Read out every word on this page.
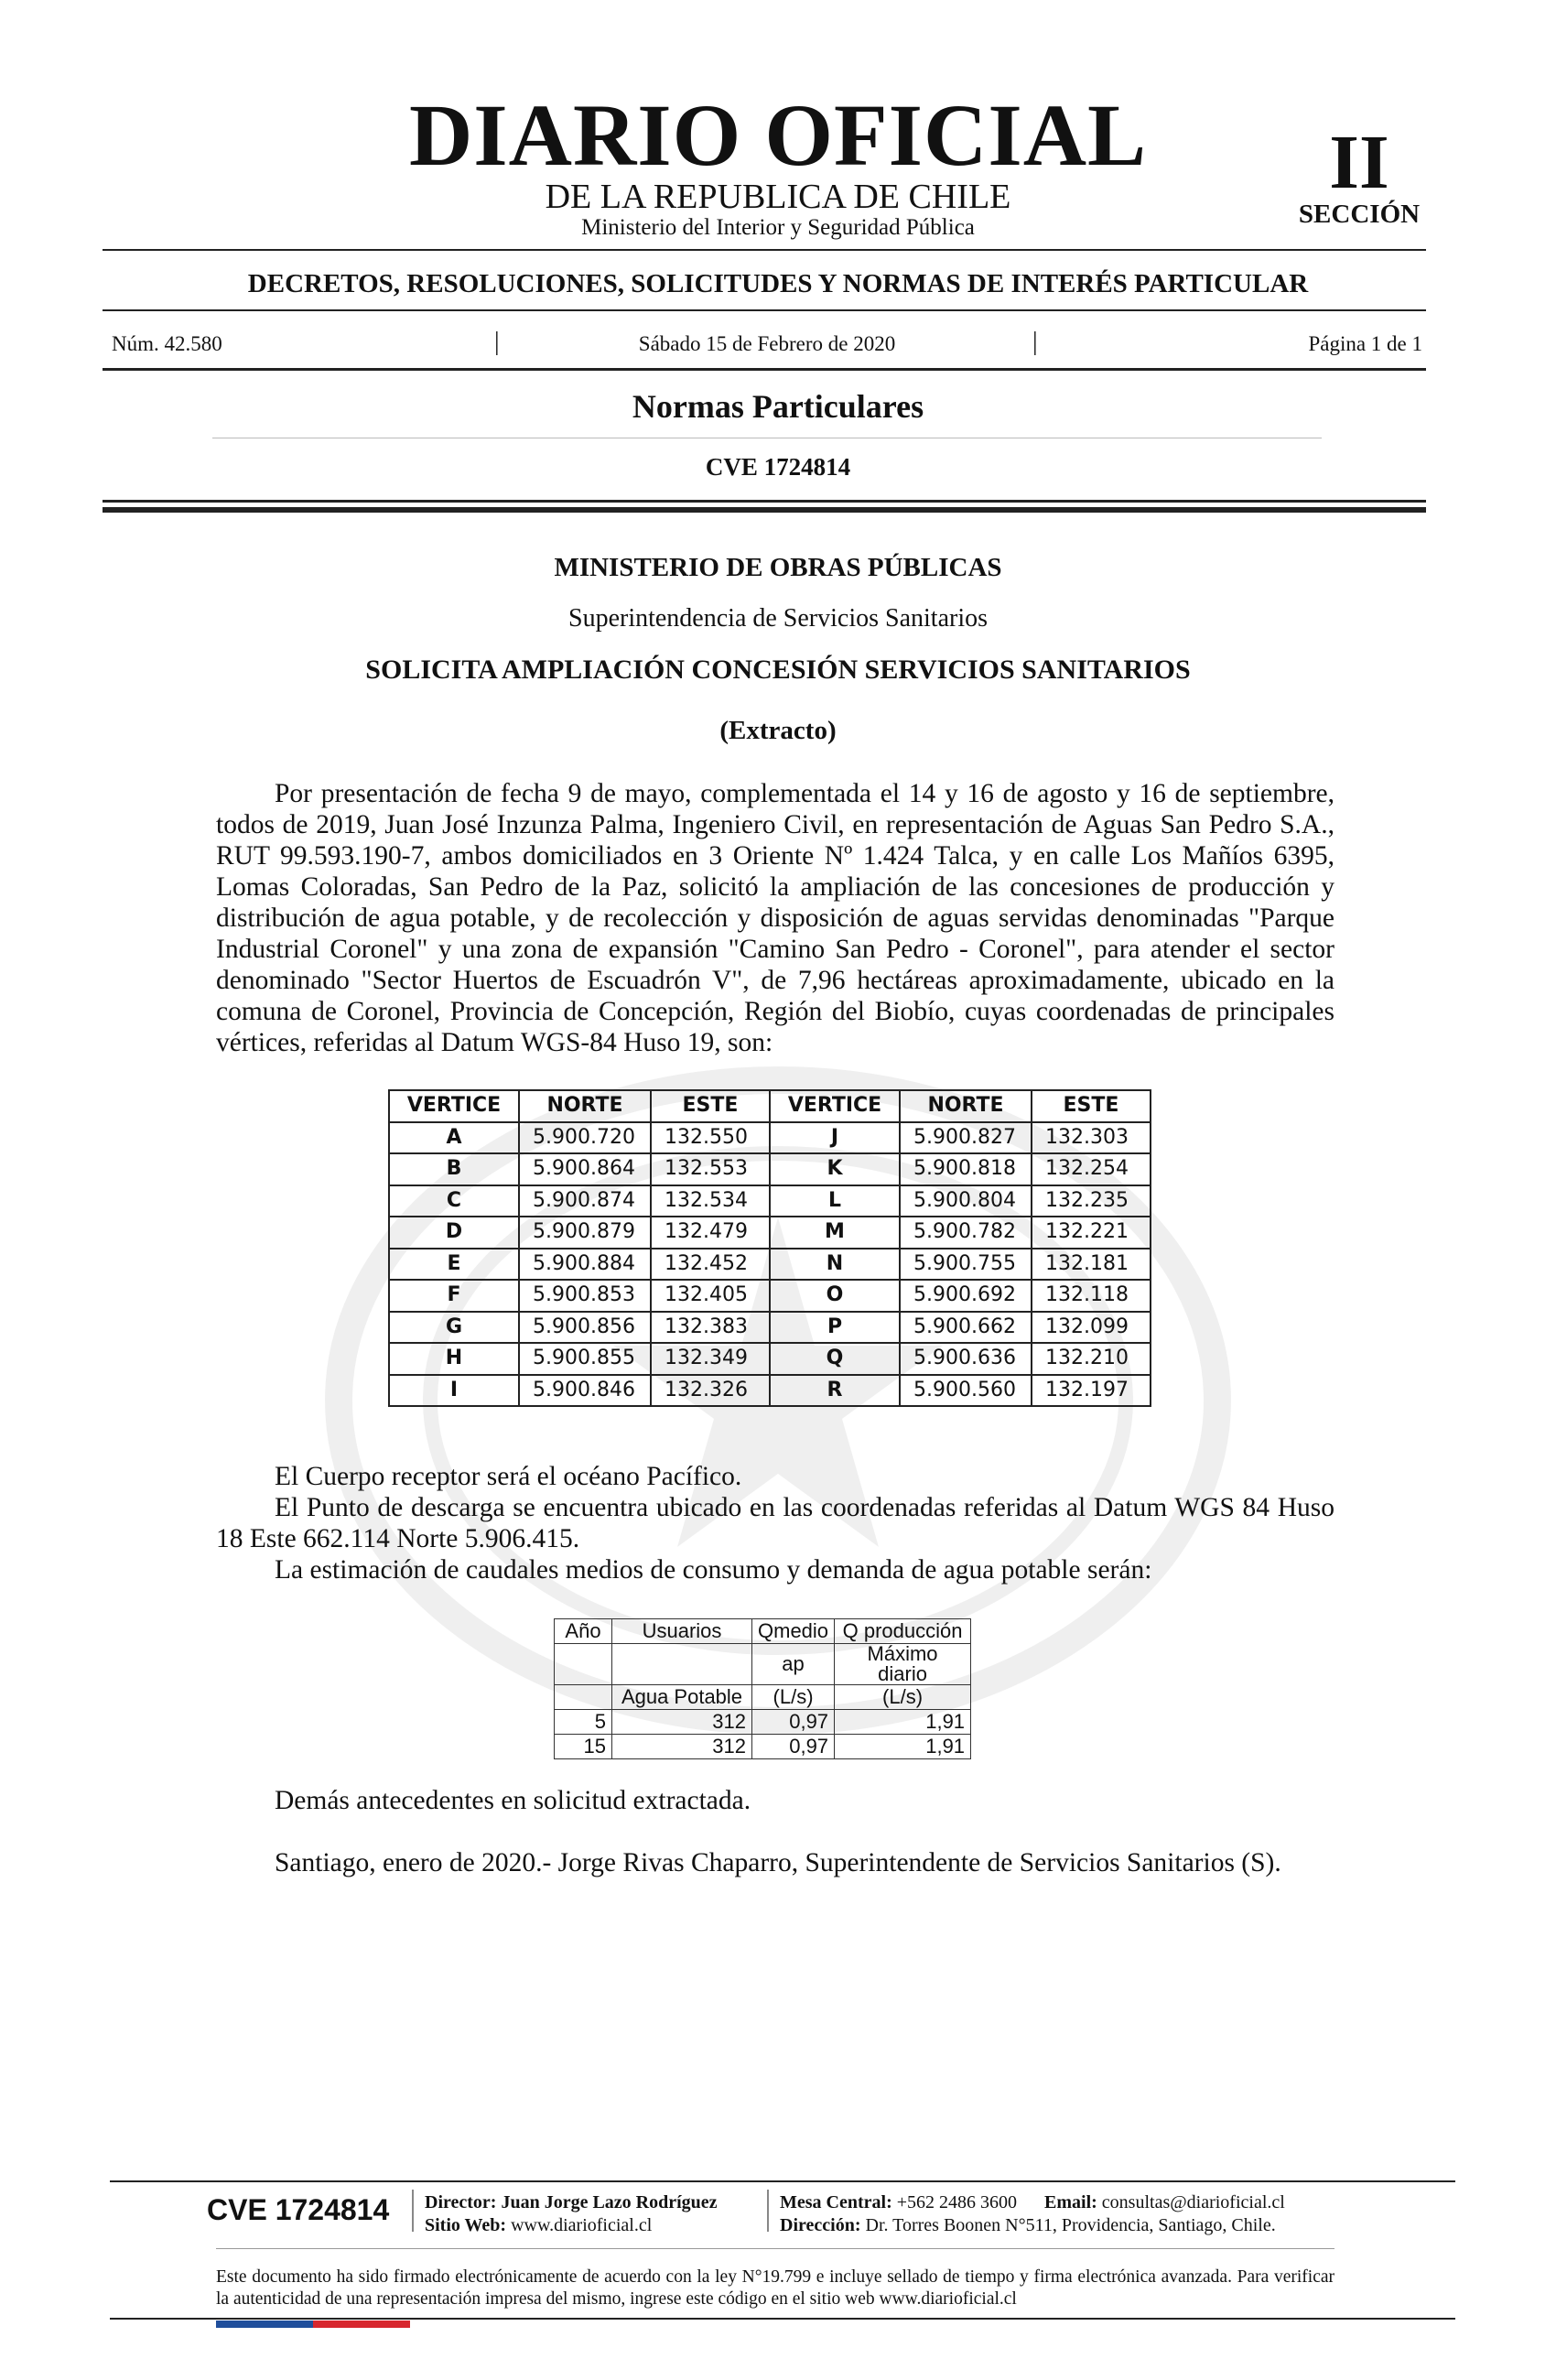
DIARIO OFICIAL
DE LA REPUBLICA DE CHILE
Ministerio del Interior y Seguridad Pública
II
SECCIÓN
DECRETOS, RESOLUCIONES, SOLICITUDES Y NORMAS DE INTERÉS PARTICULAR
Núm. 42.580	|	Sábado 15 de Febrero de 2020	|	Página 1 de 1
Normas Particulares
CVE 1724814
MINISTERIO DE OBRAS PÚBLICAS
Superintendencia de Servicios Sanitarios
SOLICITA AMPLIACIÓN CONCESIÓN SERVICIOS SANITARIOS
(Extracto)
Por presentación de fecha 9 de mayo, complementada el 14 y 16 de agosto y 16 de septiembre, todos de 2019, Juan José Inzunza Palma, Ingeniero Civil, en representación de Aguas San Pedro S.A., RUT 99.593.190-7, ambos domiciliados en 3 Oriente Nº 1.424 Talca, y en calle Los Mañíos 6395, Lomas Coloradas, San Pedro de la Paz, solicitó la ampliación de las concesiones de producción y distribución de agua potable, y de recolección y disposición de aguas servidas denominadas "Parque Industrial Coronel" y una zona de expansión "Camino San Pedro - Coronel", para atender el sector denominado "Sector Huertos de Escuadrón V", de 7,96 hectáreas aproximadamente, ubicado en la comuna de Coronel, Provincia de Concepción, Región del Biobío, cuyas coordenadas de principales vértices, referidas al Datum WGS-84 Huso 19, son:
VERTICE	NORTE	ESTE	VERTICE	NORTE	ESTE
A	5.900.720	132.550	J	5.900.827	132.303
B	5.900.864	132.553	K	5.900.818	132.254
C	5.900.874	132.534	L	5.900.804	132.235
D	5.900.879	132.479	M	5.900.782	132.221
E	5.900.884	132.452	N	5.900.755	132.181
F	5.900.853	132.405	O	5.900.692	132.118
G	5.900.856	132.383	P	5.900.662	132.099
H	5.900.855	132.349	Q	5.900.636	132.210
I	5.900.846	132.326	R	5.900.560	132.197
El Cuerpo receptor será el océano Pacífico.
El Punto de descarga se encuentra ubicado en las coordenadas referidas al Datum WGS 84 Huso 18 Este 662.114 Norte 5.906.415.
La estimación de caudales medios de consumo y demanda de agua potable serán:
Año	Usuarios	Qmedio	Q producción
		ap	Máximo diario
	Agua Potable	(L/s)	(L/s)
5	312	0,97	1,91
15	312	0,97	1,91
Demás antecedentes en solicitud extractada.
Santiago, enero de 2020.- Jorge Rivas Chaparro, Superintendente de Servicios Sanitarios (S).
CVE 1724814 Director: Juan Jorge Lazo Rodríguez
Sitio Web: www.diarioficial.cl
Mesa Central: +562 2486 3600 Email: consultas@diarioficial.cl
Dirección: Dr. Torres Boonen N°511, Providencia, Santiago, Chile.
Este documento ha sido firmado electrónicamente de acuerdo con la ley N°19.799 e incluye sellado de tiempo y firma electrónica avanzada. Para verificar la autenticidad de una representación impresa del mismo, ingrese este código en el sitio web www.diarioficial.cl
